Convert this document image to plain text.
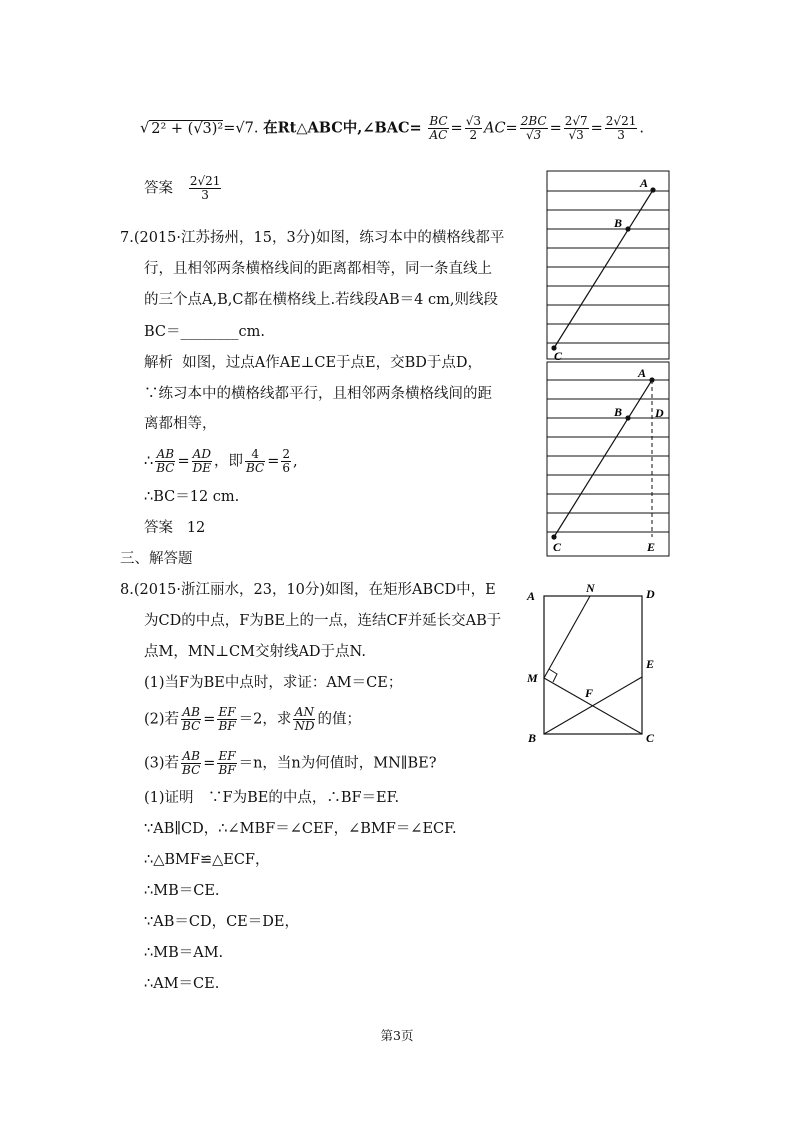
√ 2² + (√3)²=√7. 在Rt△ABC中,∠BAC= $\frac{BC}{AC} = \frac{√3}{2} AC= \frac{2BC}{√3} = \frac{2√7}{√3} = \frac{2√21}{3}$ .
答案 $\frac{2√21}{3}$
7.(2015·江苏扬州，15，3分)如图，练习本中的横格线都平
行，且相邻两条横格线间的距离都相等，同一条直线上
的三个点A,B,C都在横格线上.若线段AB＝4 cm,则线段
BC＝________cm.
解析 如图，过点A作AE⊥CE于点E，交BD于点D，
∵练习本中的横格线都平行，且相邻两条横格线间的距
离都相等，
∴ $\frac{AB}{BC} = \frac{AD}{DE}$ ，即 $\frac{4}{BC} = \frac{2}{6}$ ,
∴BC＝12 cm.
答案 12
三、解答题
8.(2015·浙江丽水，23，10分)如图，在矩形ABCD中，E
为CD的中点，F为BE上的一点，连结CF并延长交AB于
点M，MN⊥CM交射线AD于点N.
(1)当F为BE中点时，求证：AM＝CE；
(2)若 $\frac{AB}{BC} = \frac{EF}{BF} =2$，求 $\frac{AN}{ND}$ 的值；
(3)若 $\frac{AB}{BC} = \frac{EF}{BF} =n$，当n为何值时，MN∥BE?
(1)证明　∵F为BE的中点，∴BF＝EF.
∵AB∥CD，∴∠MBF＝∠CEF，∠BMF＝∠ECF.
∴△BMF≌△ECF，
∴MB＝CE.
∵AB＝CD，CE＝DE，
∴MB＝AM.
∴AM＝CE.
A
B
C
A
B	D
C	E
A
N	D
M
F
E
B	C
第3页
